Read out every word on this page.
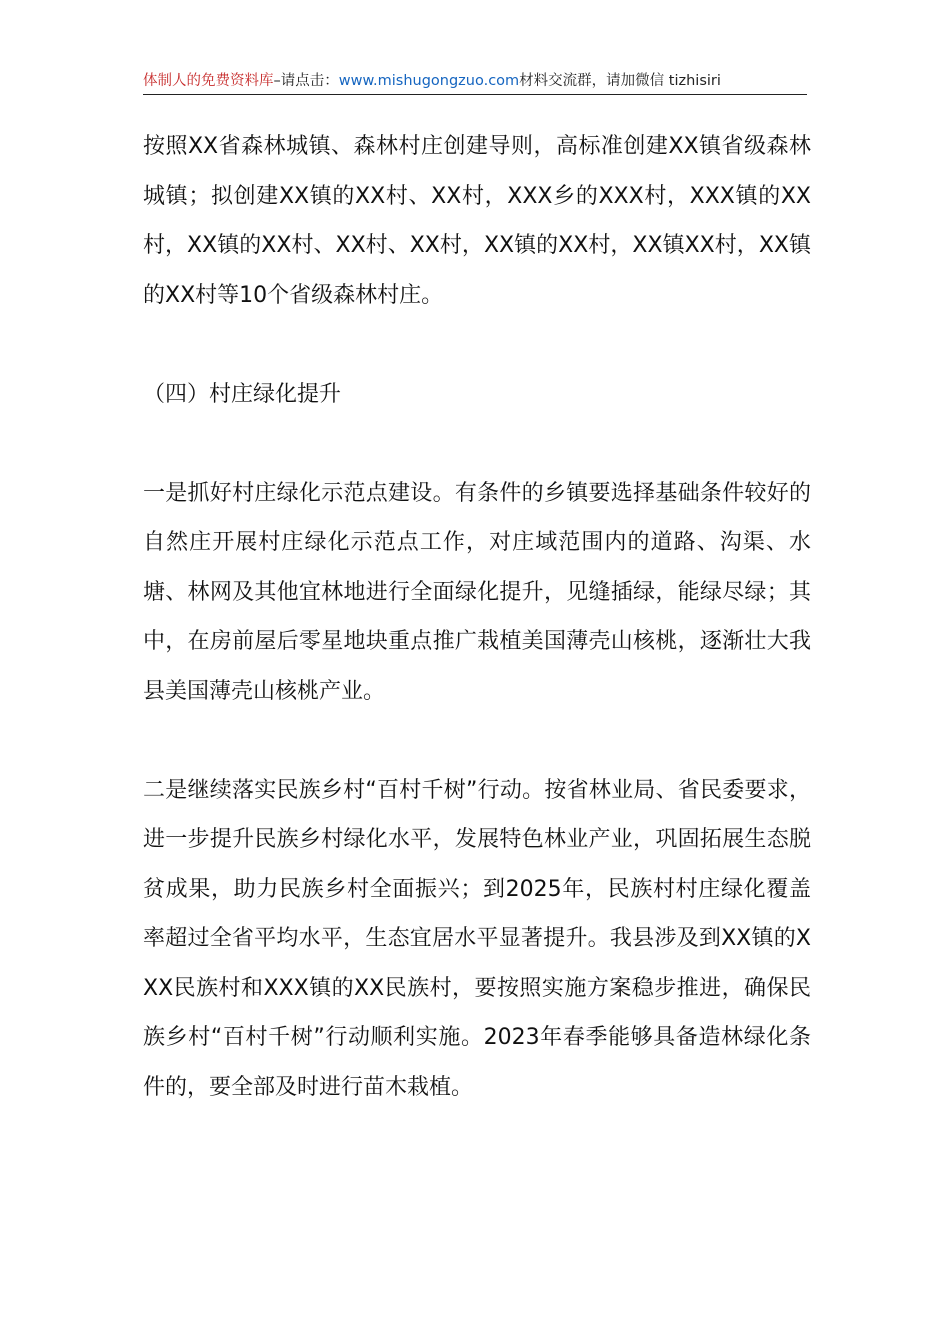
体制人的免费资料库–请点击：www.mishugongzuo.com材料交流群，请加微信 tizhisiri

按照XX省森林城镇、森林村庄创建导则，高标准创建XX镇省级森林城镇；拟创建XX镇的XX村、XX村，XXX乡的XXX村，XXX镇的XX村，XX镇的XX村、XX村、XX村，XX镇的XX村，XX镇XX村，XX镇的XX村等10个省级森林村庄。

（四）村庄绿化提升

一是抓好村庄绿化示范点建设。有条件的乡镇要选择基础条件较好的自然庄开展村庄绿化示范点工作，对庄域范围内的道路、沟渠、水塘、林网及其他宜林地进行全面绿化提升，见缝插绿，能绿尽绿；其中，在房前屋后零星地块重点推广栽植美国薄壳山核桃，逐渐壮大我县美国薄壳山核桃产业。

二是继续落实民族乡村“百村千树”行动。按省林业局、省民委要求，进一步提升民族乡村绿化水平，发展特色林业产业，巩固拓展生态脱贫成果，助力民族乡村全面振兴；到2025年，民族村村庄绿化覆盖率超过全省平均水平，生态宜居水平显著提升。我县涉及到XX镇的XXX民族村和XXX镇的XX民族村，要按照实施方案稳步推进，确保民族乡村“百村千树”行动顺利实施。2023年春季能够具备造林绿化条件的，要全部及时进行苗木栽植。
